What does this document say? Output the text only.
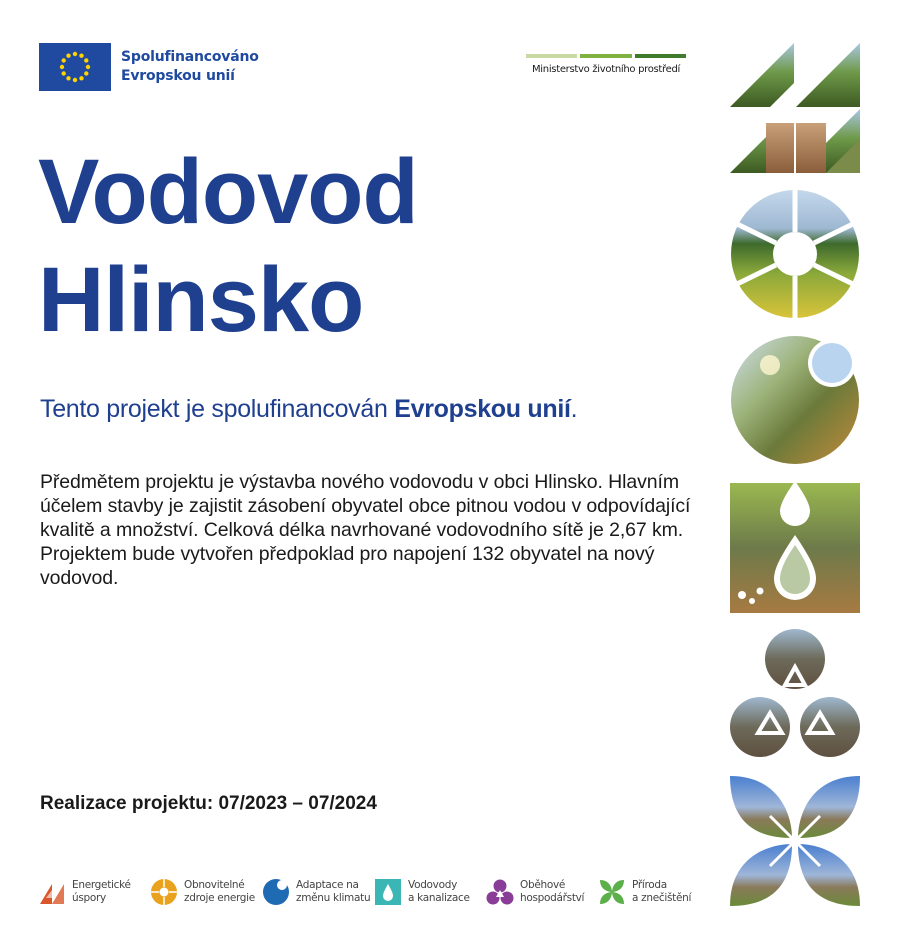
Spolufinancováno
Evropskou unií	Ministerstvo životního prostředí
Vodovod
Hlinsko
Tento projekt je spolufinancován Evropskou unií.
Předmětem projektu je výstavba nového vodovodu v obci Hlinsko. Hlavním účelem stavby je zajistit zásobení obyvatel obce pitnou vodou v odpovídající kvalitě a množství. Celková délka navrhované vodovodního sítě je 2,67 km. Projektem bude vytvořen předpoklad pro napojení 132 obyvatel na nový vodovod.
Realizace projektu: 07/2023 – 07/2024
Energetické
úspory
Obnovitelné
zdroje energie
Adaptace na
změnu klimatu
Vodovody
a kanalizace
Oběhové
hospodářství
Příroda
a znečištění
